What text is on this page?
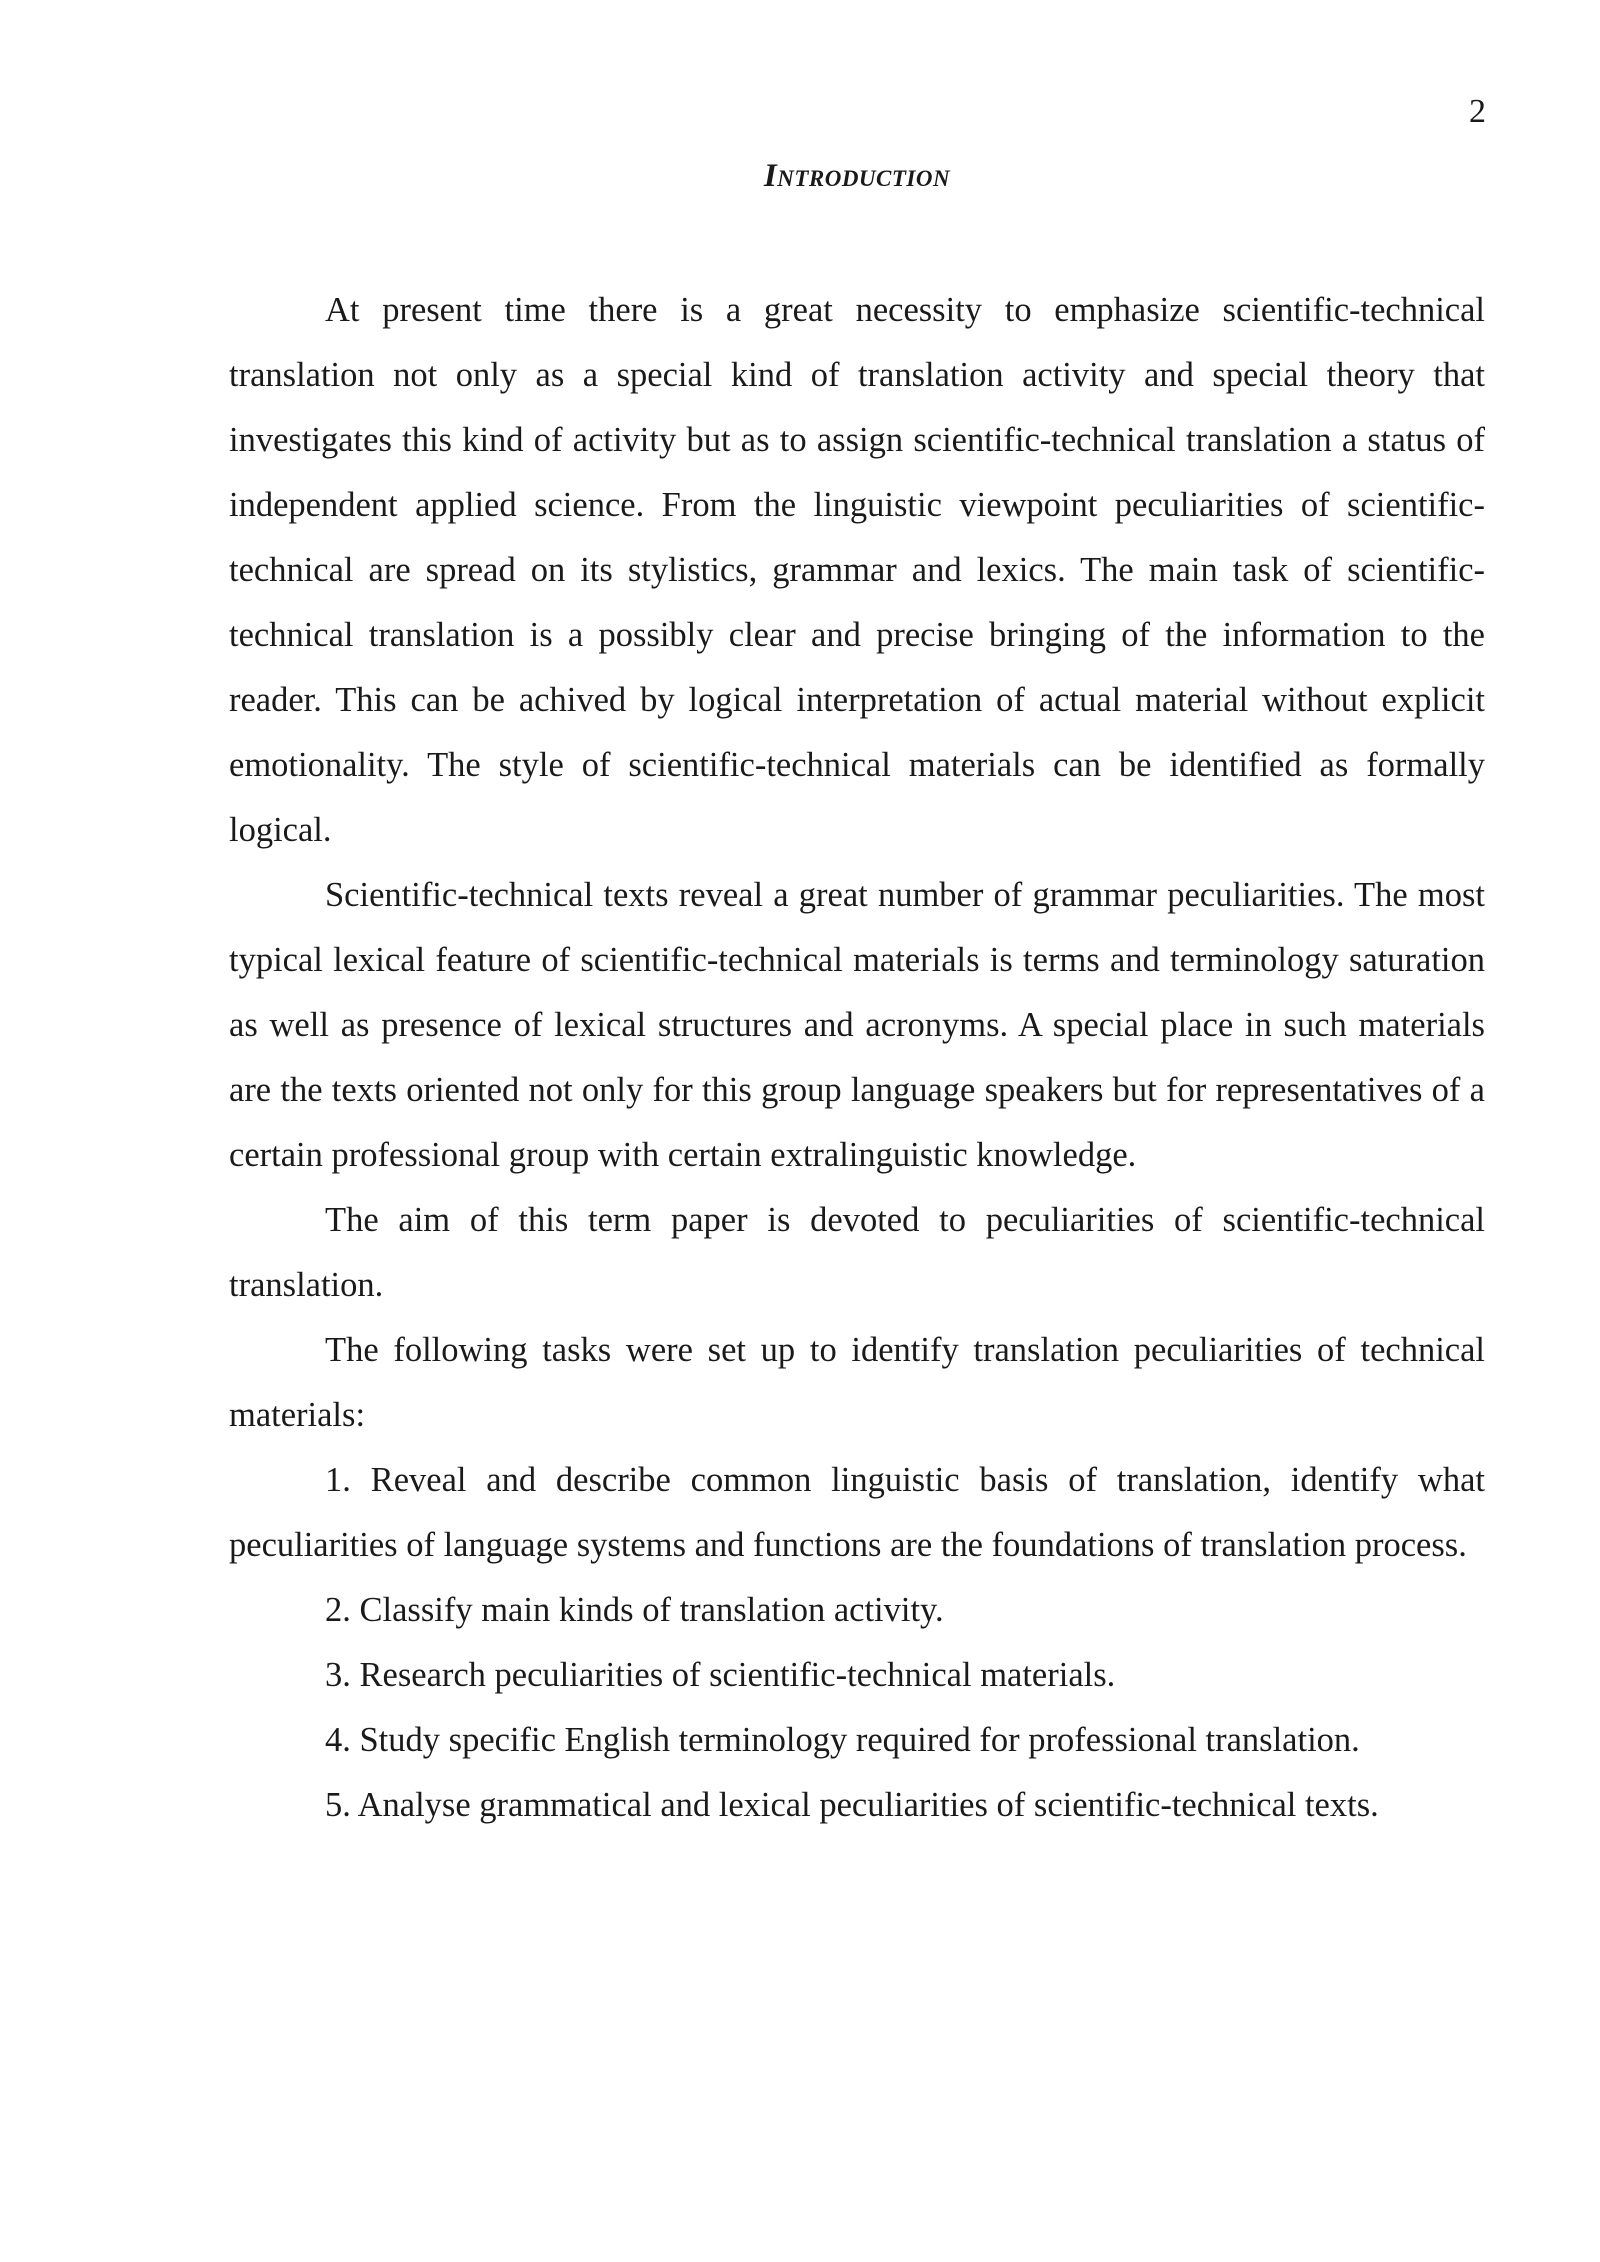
2

Introduction

At present time there is a great necessity to emphasize scientific-technical translation not only as a special kind of translation activity and special theory that investigates this kind of activity but as to assign scientific-technical translation a status of independent applied science. From the linguistic viewpoint peculiarities of scientific-technical are spread on its stylistics, grammar and lexics. The main task of scientific-technical translation is a possibly clear and precise bringing of the information to the reader. This can be achived by logical interpretation of actual material without explicit emotionality. The style of scientific-technical materials can be identified as formally logical.

Scientific-technical texts reveal a great number of grammar peculiarities. The most typical lexical feature of scientific-technical materials is terms and terminology saturation as well as presence of lexical structures and acronyms. A special place in such materials are the texts oriented not only for this group language speakers but for representatives of a certain professional group with certain extralinguistic knowledge.

The aim of this term paper is devoted to peculiarities of scientific-technical translation.

The following tasks were set up to identify translation peculiarities of technical materials:

1. Reveal and describe common linguistic basis of translation, identify what peculiarities of language systems and functions are the foundations of translation process.

2. Classify main kinds of translation activity.

3. Research peculiarities of scientific-technical materials.

4. Study specific English terminology required for professional translation.

5. Analyse grammatical and lexical peculiarities of scientific-technical texts.
